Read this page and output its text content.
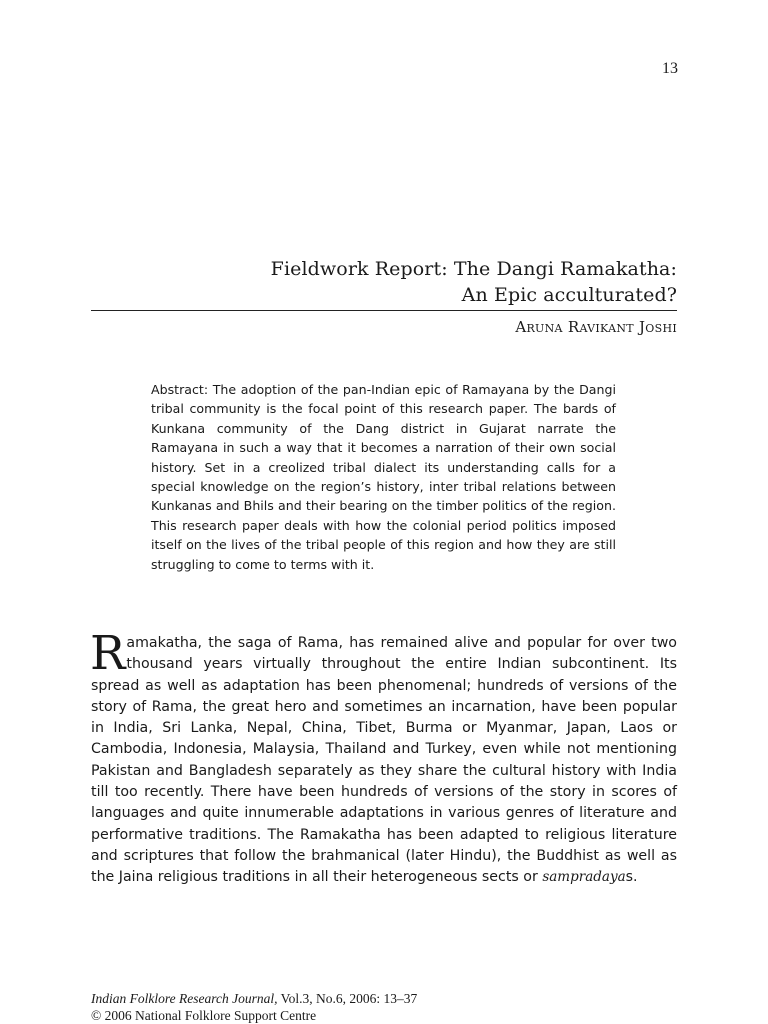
13
Fieldwork Report: The Dangi Ramakatha:
An Epic acculturated?
Aruna Ravikant Joshi
Abstract: The adoption of the pan-Indian epic of Ramayana by the Dangi tribal community is the focal point of this research paper. The bards of Kunkana community of the Dang district in Gujarat narrate the Ramayana in such a way that it becomes a narration of their own social history. Set in a creolized tribal dialect its understanding calls for a special knowledge on the region’s history, inter tribal relations between Kunkanas and Bhils and their bearing on the timber politics of the region. This research paper deals with how the colonial period politics imposed itself on the lives of the tribal people of this region and how they are still struggling to come to terms with it.
Ramakatha, the saga of Rama, has remained alive and popular for over two thousand years virtually throughout the entire Indian subcontinent. Its spread as well as adaptation has been phenomenal; hundreds of versions of the story of Rama, the great hero and sometimes an incarnation, have been popular in India, Sri Lanka, Nepal, China, Tibet, Burma or Myanmar, Japan, Laos or Cambodia, Indonesia, Malaysia, Thailand and Turkey, even while not mentioning Pakistan and Bangladesh separately as they share the cultural history with India till too recently. There have been hundreds of versions of the story in scores of languages and quite innumerable adaptations in various genres of literature and performative traditions. The Ramakatha has been adapted to religious literature and scriptures that follow the brahmanical (later Hindu), the Buddhist as well as the Jaina religious traditions in all their heterogeneous sects or sampradayas.
Indian Folklore Research Journal, Vol.3, No.6, 2006: 13–37
© 2006 National Folklore Support Centre
